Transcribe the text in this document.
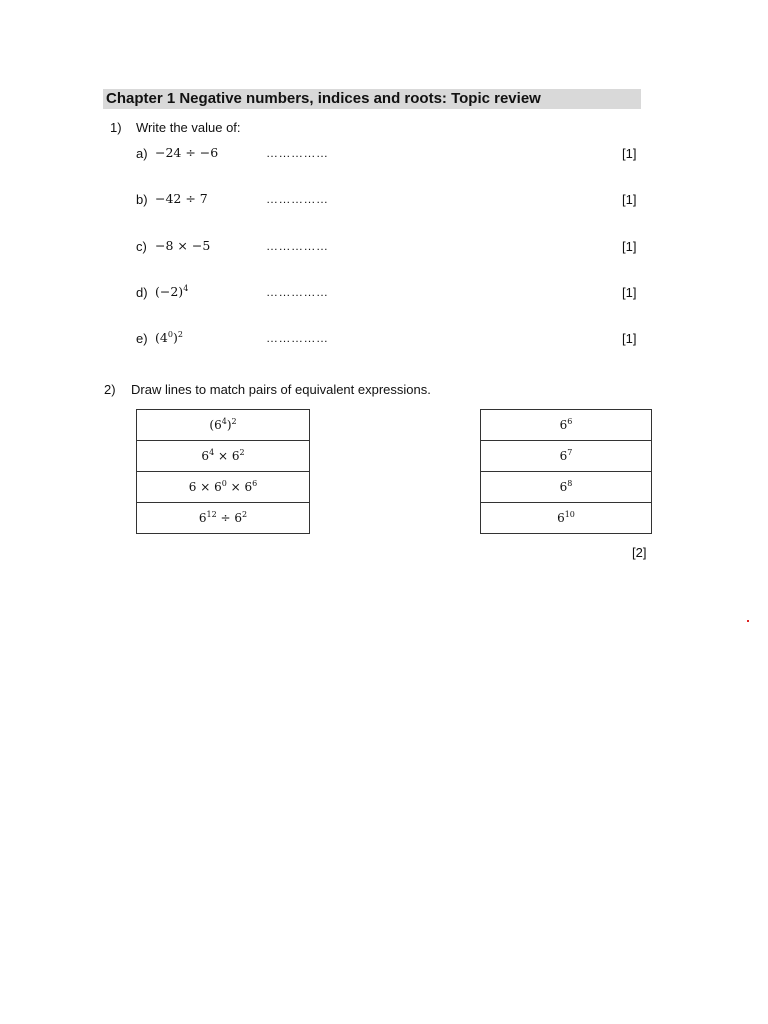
Chapter 1 Negative numbers, indices and roots: Topic review
1) Write the value of:
a) −24 ÷ −6	……………	[1]
b) −42 ÷ 7	……………	[1]
c) −8 × −5	……………	[1]
d) $(-2)^4$	……………	[1]
e) $(4^0)^2$	……………	[1]
2) Draw lines to match pairs of equivalent expressions.
$(6^4)^2$
$6^4 \times 6^2$
$6 \times 6^0 \times 6^6$
$6^{12} \div 6^2$
$6^6$
$6^7$
$6^8$
$6^{10}$
[2]
